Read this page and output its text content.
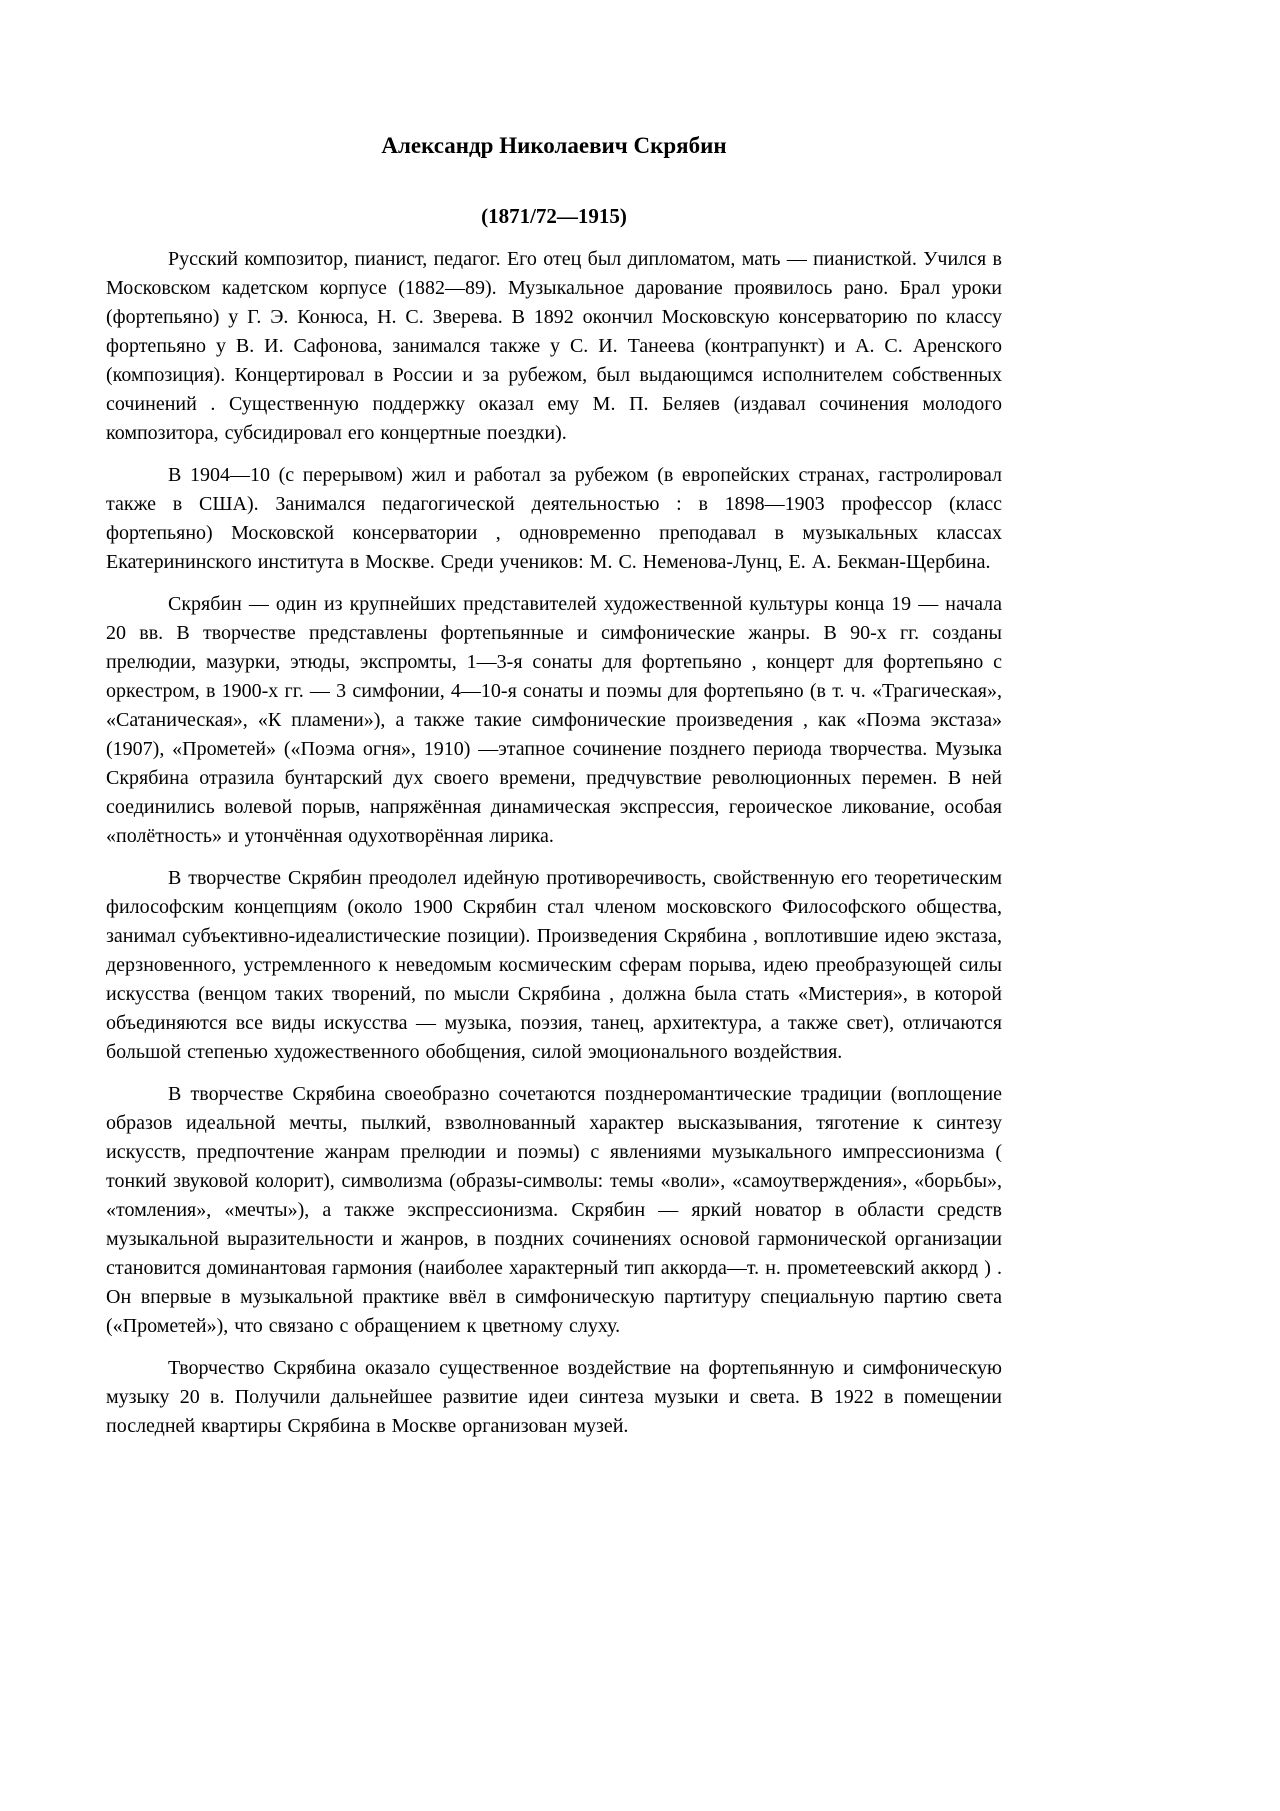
Александр Николаевич Скрябин
(1871/72—1915)

Русский композитор, пианист, педагог. Его отец был дипломатом, мать — пианисткой. Учился в Московском кадетском корпусе (1882—89). Музыкальное дарование проявилось рано. Брал уроки (фортепьяно) у Г. Э. Конюса, Н. С. Зверева. В 1892 окончил Московскую консерваторию по классу фортепьяно у В. И. Сафонова, занимался также у С. И. Танеева (контрапункт) и А. С. Аренского (композиция). Концертировал в России и за рубежом, был выдающимся исполнителем собственных сочинений . Существенную поддержку оказал ему М. П. Беляев (издавал сочинения молодого композитора, субсидировал его концертные поездки).

В 1904—10 (с перерывом) жил и работал за рубежом (в европейских странах, гастролировал также в США). Занимался педагогической деятельностью : в 1898—1903 профессор (класс фортепьяно) Московской консерватории , одновременно преподавал в музыкальных классах Екатерининского института в Москве. Среди учеников: М. С. Неменова-Лунц, Е. А. Бекман-Щербина.

Скрябин — один из крупнейших представителей художественной культуры конца 19 — начала 20 вв. В творчестве представлены фортепьянные и симфонические жанры. В 90-х гг. созданы прелюдии, мазурки, этюды, экспромты, 1—3-я сонаты для фортепьяно , концерт для фортепьяно с оркестром, в 1900-х гг. — 3 симфонии, 4—10-я сонаты и поэмы для фортепьяно (в т. ч. «Трагическая», «Сатаническая», «К пламени»), а также такие симфонические произведения , как «Поэма экстаза» (1907), «Прометей» («Поэма огня», 1910) —этапное сочинение позднего периода творчества. Музыка Скрябина отразила бунтарский дух своего времени, предчувствие революционных перемен. В ней соединились волевой порыв, напряжённая динамическая экспрессия, героическое ликование, особая «полётность» и утончённая одухотворённая лирика.

В творчестве Скрябин преодолел идейную противоречивость, свойственную его теоретическим философским концепциям (около 1900 Скрябин стал членом московского Философского общества, занимал субъективно-идеалистические позиции). Произведения Скрябина , воплотившие идею экстаза, дерзновенного, устремленного к неведомым космическим сферам порыва, идею преобразующей силы искусства (венцом таких творений, по мысли Скрябина , должна была стать «Мистерия», в которой объединяются все виды искусства — музыка, поэзия, танец, архитектура, а также свет), отличаются большой степенью художественного обобщения, силой эмоционального воздействия.

В творчестве Скрябина своеобразно сочетаются позднеромантические традиции (воплощение образов идеальной мечты, пылкий, взволнованный характер высказывания, тяготение к синтезу искусств, предпочтение жанрам прелюдии и поэмы) с явлениями музыкального импрессионизма ( тонкий звуковой колорит), символизма (образы-символы: темы «воли», «самоутверждения», «борьбы», «томления», «мечты»), а также экспрессионизма. Скрябин — яркий новатор в области средств музыкальной выразительности и жанров, в поздних сочинениях основой гармонической организации становится доминантовая гармония (наиболее характерный тип аккорда—т. н. прометеевский аккорд ) . Он впервые в музыкальной практике ввёл в симфоническую партитуру специальную партию света («Прометей»), что связано с обращением к цветному слуху.

Творчество Скрябина оказало существенное воздействие на фортепьянную и симфоническую музыку 20 в. Получили дальнейшее развитие идеи синтеза музыки и света. В 1922 в помещении последней квартиры Скрябина в Москве организован музей.
